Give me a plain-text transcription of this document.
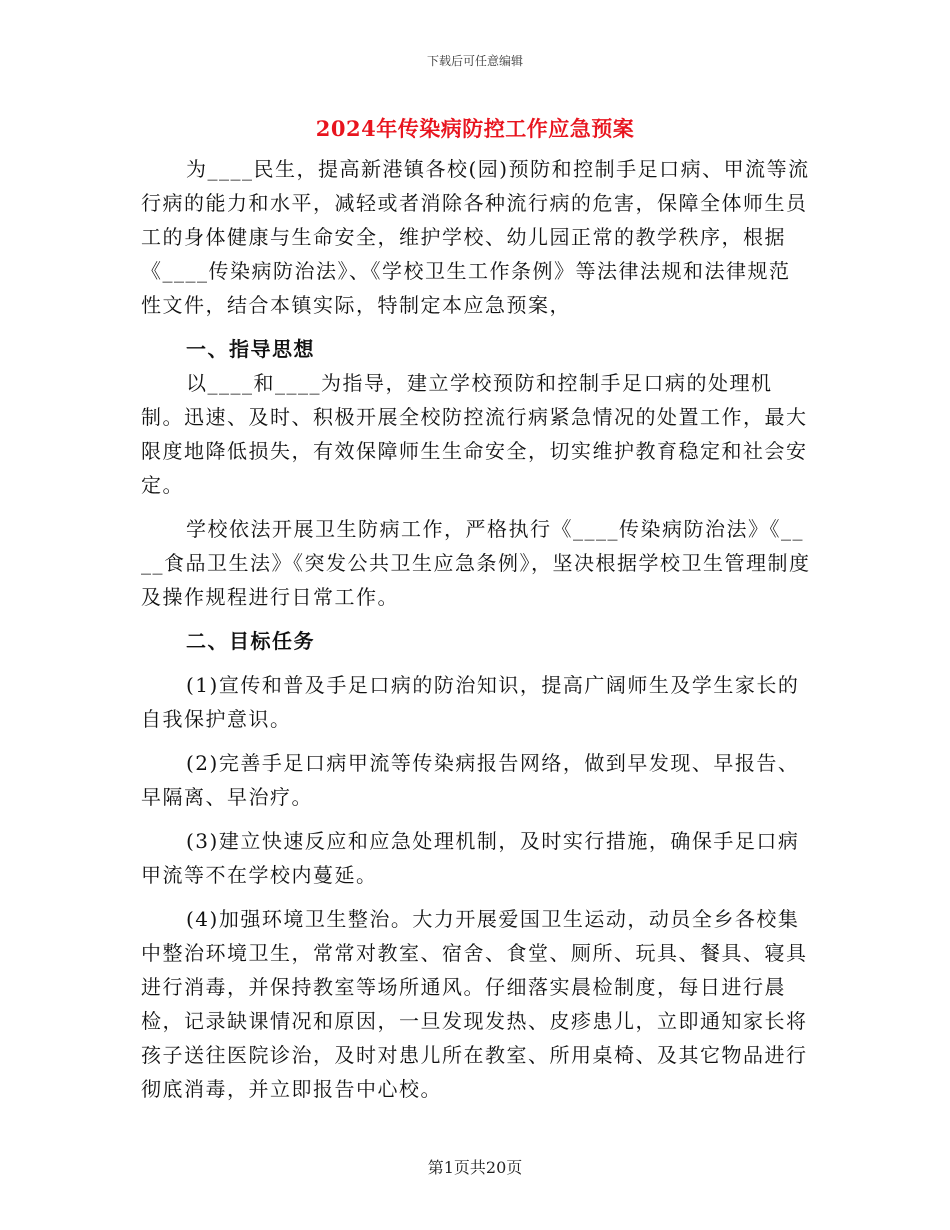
下载后可任意编辑
2024年传染病防控工作应急预案

为____民生，提高新港镇各校(园)预防和控制手足口病、甲流等流行病的能力和水平，减轻或者消除各种流行病的危害，保障全体师生员工的身体健康与生命安全，维护学校、幼儿园正常的教学秩序，根据《____传染病防治法》、《学校卫生工作条例》等法律法规和法律规范性文件，结合本镇实际，特制定本应急预案，

一、指导思想

以____和____为指导，建立学校预防和控制手足口病的处理机制。迅速、及时、积极开展全校防控流行病紧急情况的处置工作，最大限度地降低损失，有效保障师生生命安全，切实维护教育稳定和社会安定。

学校依法开展卫生防病工作，严格执行《____传染病防治法》《____食品卫生法》《突发公共卫生应急条例》，坚决根据学校卫生管理制度及操作规程进行日常工作。

二、目标任务

(1)宣传和普及手足口病的防治知识，提高广阔师生及学生家长的自我保护意识。

(2)完善手足口病甲流等传染病报告网络，做到早发现、早报告、早隔离、早治疗。

(3)建立快速反应和应急处理机制，及时实行措施，确保手足口病甲流等不在学校内蔓延。

(4)加强环境卫生整治。大力开展爱国卫生运动，动员全乡各校集中整治环境卫生，常常对教室、宿舍、食堂、厕所、玩具、餐具、寝具进行消毒，并保持教室等场所通风。仔细落实晨检制度，每日进行晨检，记录缺课情况和原因，一旦发现发热、皮疹患儿，立即通知家长将孩子送往医院诊治，及时对患儿所在教室、所用桌椅、及其它物品进行彻底消毒，并立即报告中心校。

第1页共20页
